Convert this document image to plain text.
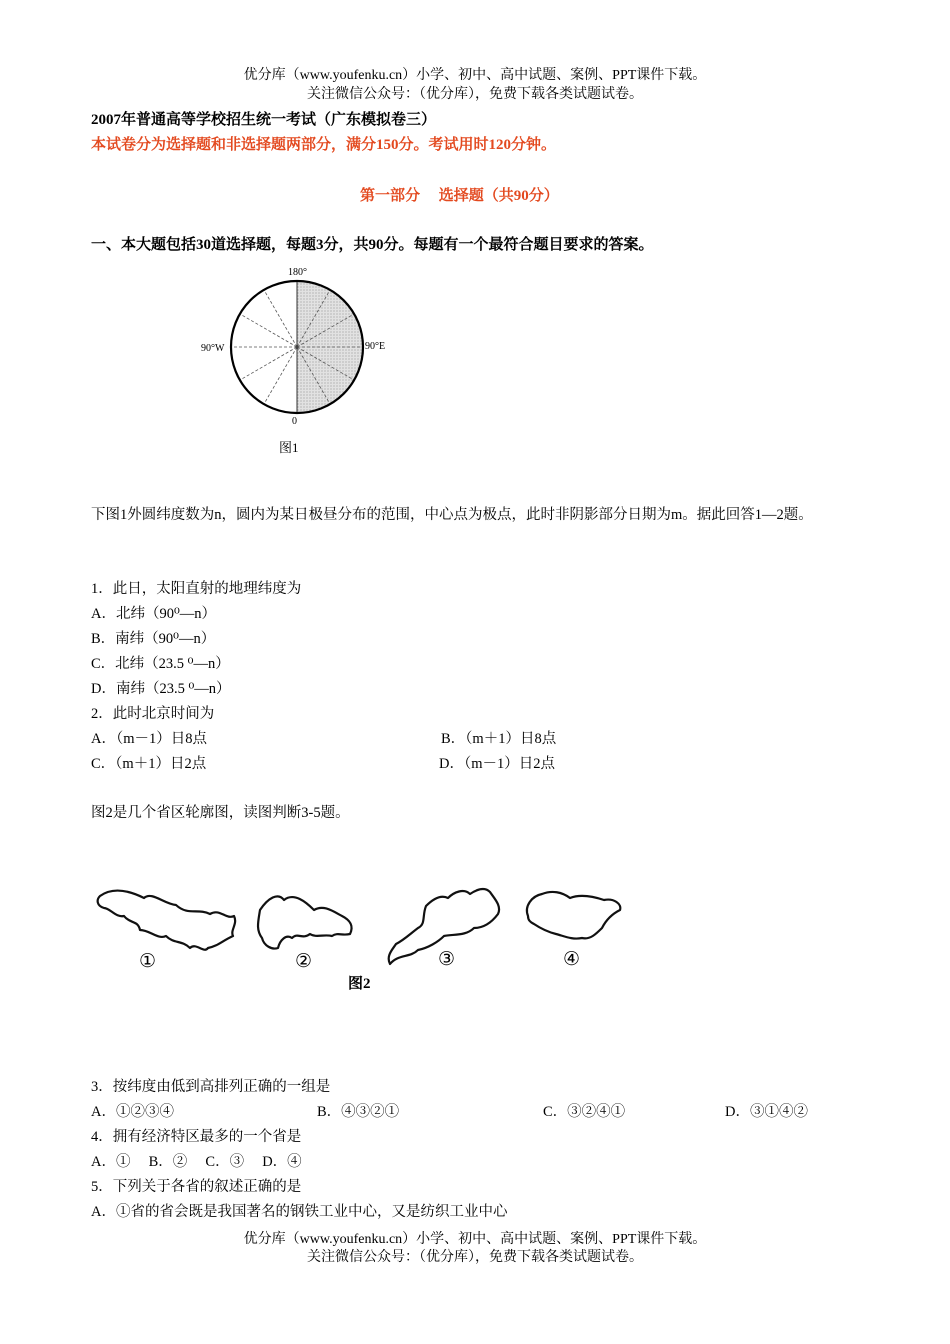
优分库（www.youfenku.cn）小学、初中、高中试题、案例、PPT课件下载。
关注微信公众号：（优分库），免费下载各类试题试卷。
2007年普通高等学校招生统一考试（广东模拟卷三）
本试卷分为选择题和非选择题两部分，满分150分。考试用时120分钟。
第一部分　 选择题（共90分）
一、本大题包括30道选择题，每题3分，共90分。每题有一个最符合题目要求的答案。
180°
90°W	90°E
0
图1
下图1外圆纬度数为n，圆内为某日极昼分布的范围，中心点为极点，此时非阴影部分日期为m。据此回答1—2题。
1．此日，太阳直射的地理纬度为
A．北纬（90⁰—n）
B．南纬（90⁰—n）
C．北纬（23.5 ⁰—n）
D．南纬（23.5 ⁰—n）
2．此时北京时间为
A．（m－1）日8点	B．（m＋1）日8点
C．（m＋1）日2点	D．（m－1）日2点
图2是几个省区轮廓图，读图判断3-5题。
①	②	③	④
图2
3．按纬度由低到高排列正确的一组是
A．①②③④	B．④③②①	C．③②④①	D．③①④②
4．拥有经济特区最多的一个省是
A．①　 B．②　 C．③　 D．④
5．下列关于各省的叙述正确的是
A．①省的省会既是我国著名的钢铁工业中心，又是纺织工业中心
优分库（www.youfenku.cn）小学、初中、高中试题、案例、PPT课件下载。
关注微信公众号：（优分库），免费下载各类试题试卷。
